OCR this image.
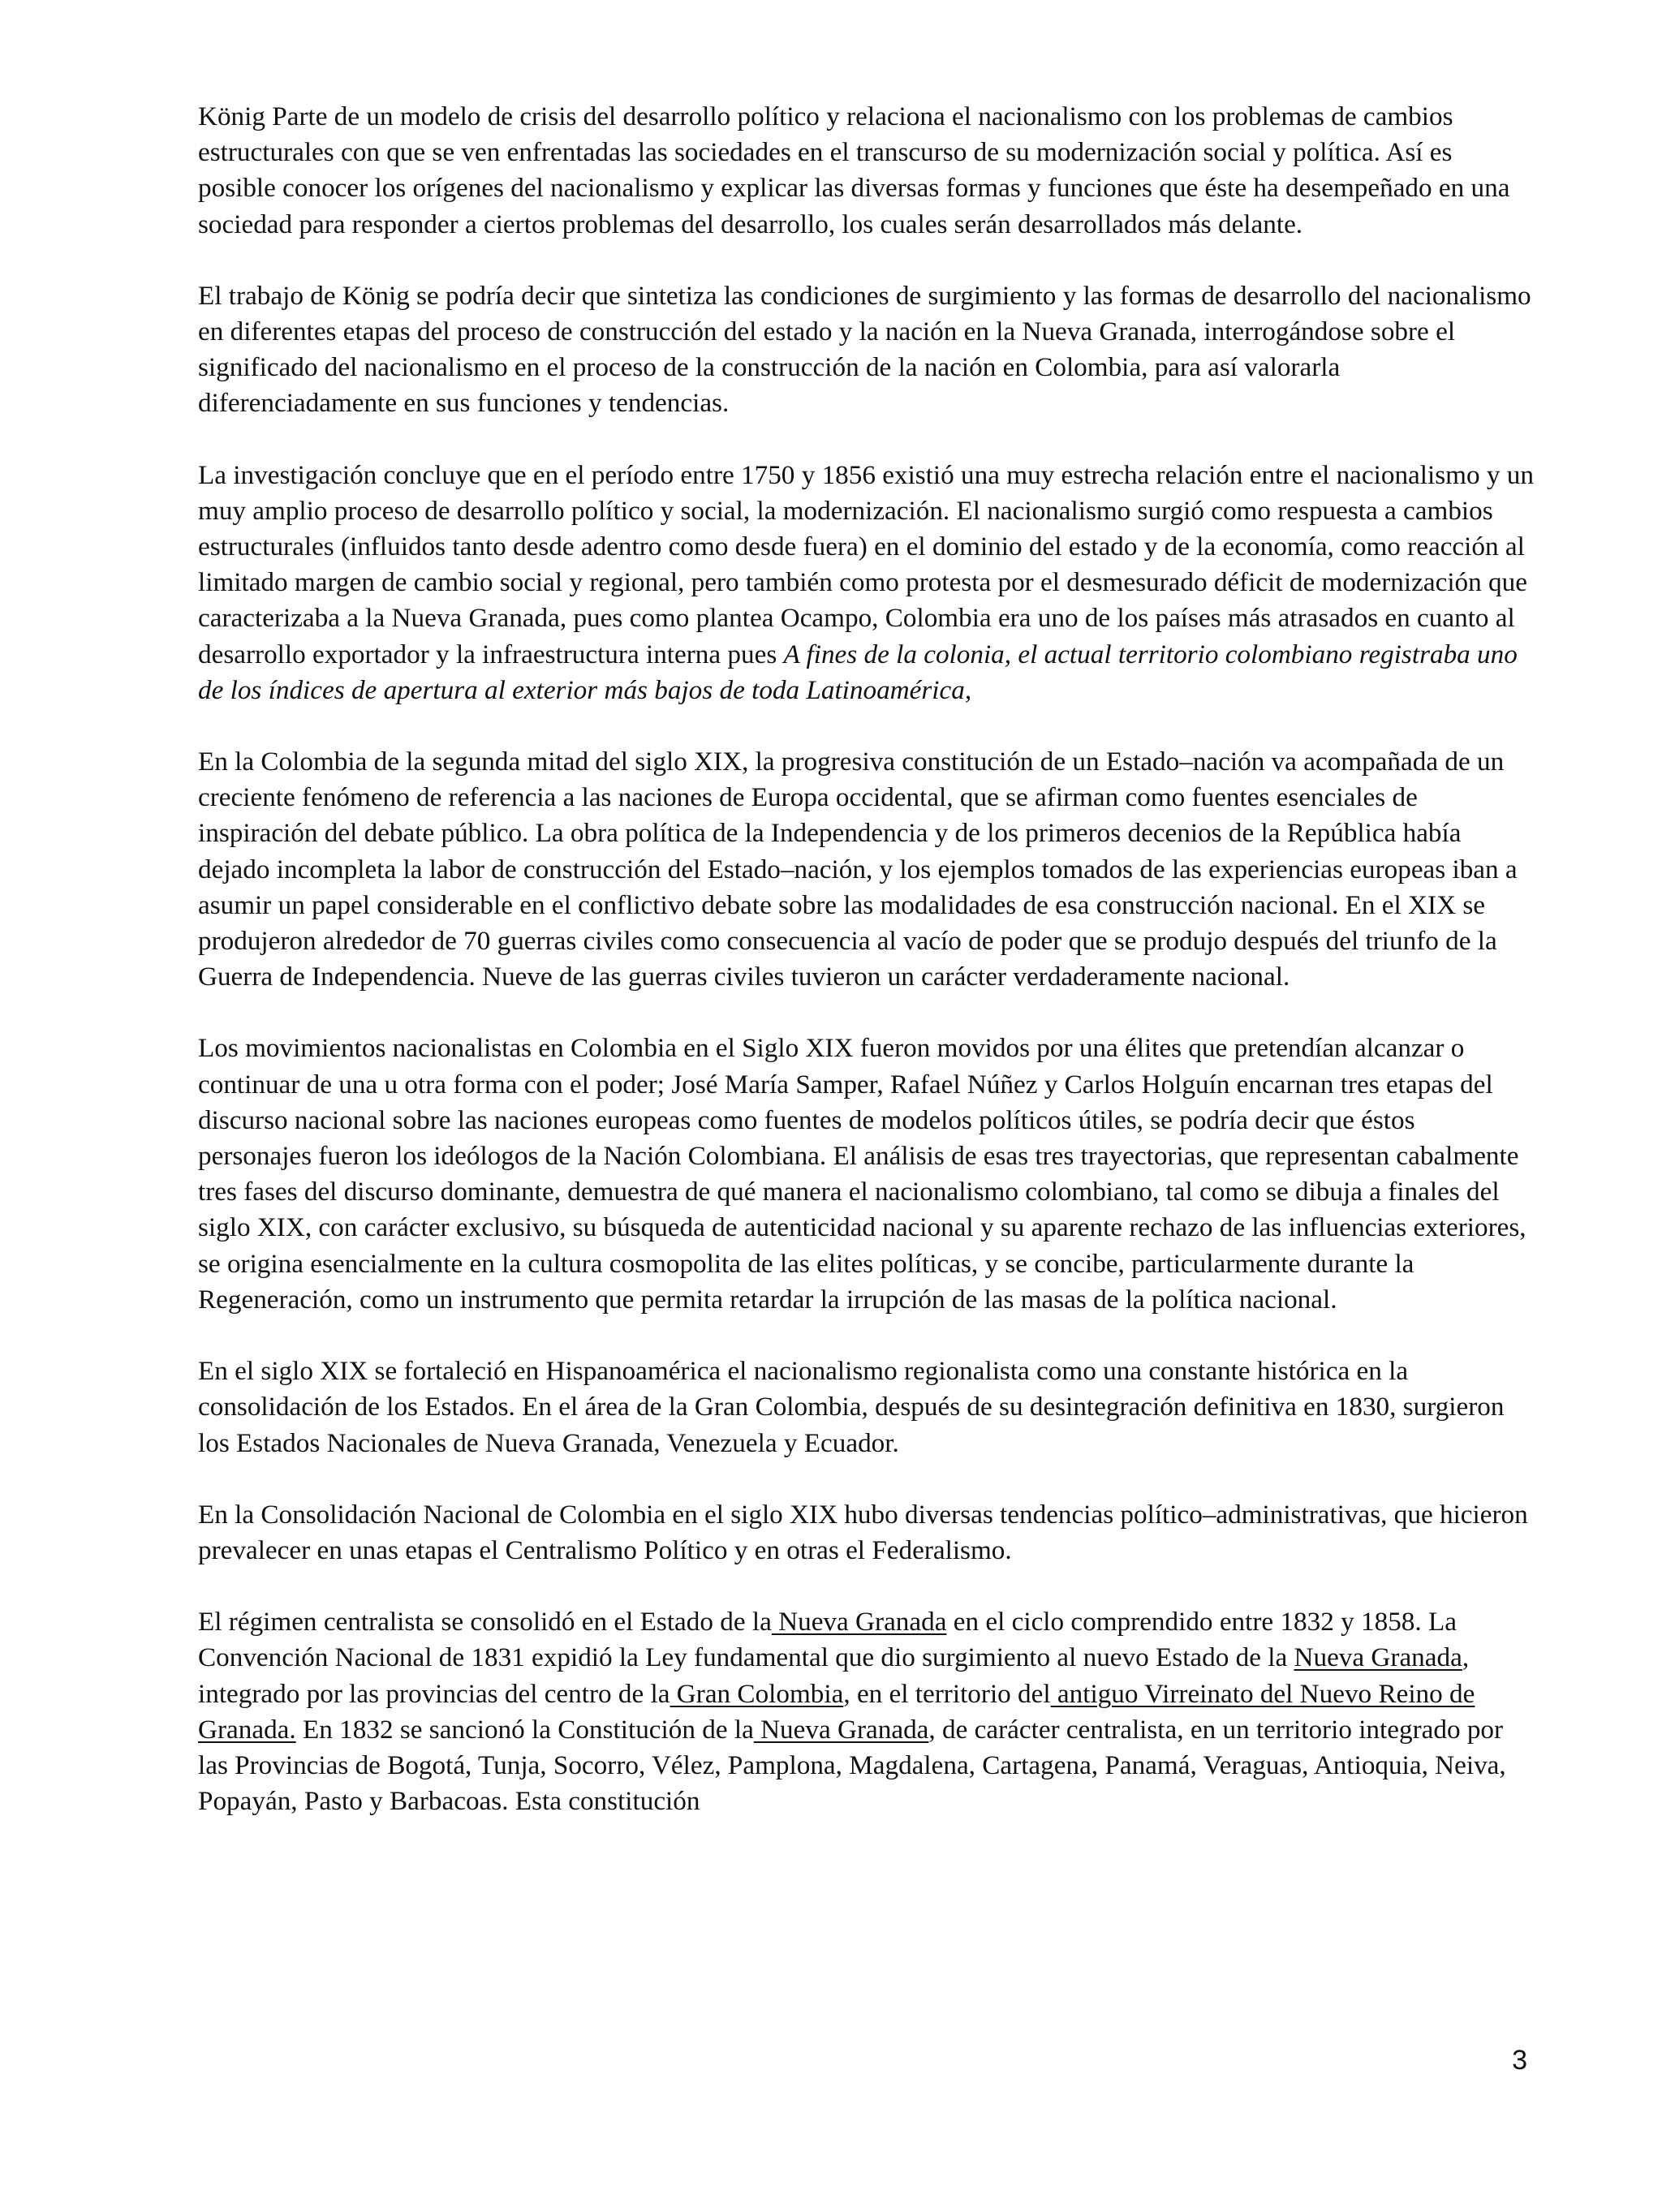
König Parte de un modelo de crisis del desarrollo político y relaciona el nacionalismo con los problemas de cambios estructurales con que se ven enfrentadas las sociedades en el transcurso de su modernización social y política. Así es posible conocer los orígenes del nacionalismo y explicar las diversas formas y funciones que éste ha desempeñado en una sociedad para responder a ciertos problemas del desarrollo, los cuales serán desarrollados más delante.

El trabajo de König se podría decir que sintetiza las condiciones de surgimiento y las formas de desarrollo del nacionalismo en diferentes etapas del proceso de construcción del estado y la nación en la Nueva Granada, interrogándose sobre el significado del nacionalismo en el proceso de la construcción de la nación en Colombia, para así valorarla diferenciadamente en sus funciones y tendencias.

La investigación concluye que en el período entre 1750 y 1856 existió una muy estrecha relación entre el nacionalismo y un muy amplio proceso de desarrollo político y social, la modernización. El nacionalismo surgió como respuesta a cambios estructurales (influidos tanto desde adentro como desde fuera) en el dominio del estado y de la economía, como reacción al limitado margen de cambio social y regional, pero también como protesta por el desmesurado déficit de modernización que caracterizaba a la Nueva Granada, pues como plantea Ocampo, Colombia era uno de los países más atrasados en cuanto al desarrollo exportador y la infraestructura interna pues A fines de la colonia, el actual territorio colombiano registraba uno de los índices de apertura al exterior más bajos de toda Latinoamérica,

En la Colombia de la segunda mitad del siglo XIX, la progresiva constitución de un Estado–nación va acompañada de un creciente fenómeno de referencia a las naciones de Europa occidental, que se afirman como fuentes esenciales de inspiración del debate público. La obra política de la Independencia y de los primeros decenios de la República había dejado incompleta la labor de construcción del Estado–nación, y los ejemplos tomados de las experiencias europeas iban a asumir un papel considerable en el conflictivo debate sobre las modalidades de esa construcción nacional. En el XIX se produjeron alrededor de 70 guerras civiles como consecuencia al vacío de poder que se produjo después del triunfo de la Guerra de Independencia. Nueve de las guerras civiles tuvieron un carácter verdaderamente nacional.

Los movimientos nacionalistas en Colombia en el Siglo XIX fueron movidos por una élites que pretendían alcanzar o continuar de una u otra forma con el poder; José María Samper, Rafael Núñez y Carlos Holguín encarnan tres etapas del discurso nacional sobre las naciones europeas como fuentes de modelos políticos útiles, se podría decir que éstos personajes fueron los ideólogos de la Nación Colombiana. El análisis de esas tres trayectorias, que representan cabalmente tres fases del discurso dominante, demuestra de qué manera el nacionalismo colombiano, tal como se dibuja a finales del siglo XIX, con carácter exclusivo, su búsqueda de autenticidad nacional y su aparente rechazo de las influencias exteriores, se origina esencialmente en la cultura cosmopolita de las elites políticas, y se concibe, particularmente durante la Regeneración, como un instrumento que permita retardar la irrupción de las masas de la política nacional.

En el siglo XIX se fortaleció en Hispanoamérica el nacionalismo regionalista como una constante histórica en la consolidación de los Estados. En el área de la Gran Colombia, después de su desintegración definitiva en 1830, surgieron los Estados Nacionales de Nueva Granada, Venezuela y Ecuador.

En la Consolidación Nacional de Colombia en el siglo XIX hubo diversas tendencias político–administrativas, que hicieron prevalecer en unas etapas el Centralismo Político y en otras el Federalismo.

El régimen centralista se consolidó en el Estado de la Nueva Granada en el ciclo comprendido entre 1832 y 1858. La Convención Nacional de 1831 expidió la Ley fundamental que dio surgimiento al nuevo Estado de la Nueva Granada, integrado por las provincias del centro de la Gran Colombia, en el territorio del antiguo Virreinato del Nuevo Reino de Granada. En 1832 se sancionó la Constitución de la Nueva Granada, de carácter centralista, en un territorio integrado por las Provincias de Bogotá, Tunja, Socorro, Vélez, Pamplona, Magdalena, Cartagena, Panamá, Veraguas, Antioquia, Neiva, Popayán, Pasto y Barbacoas. Esta constitución

3
